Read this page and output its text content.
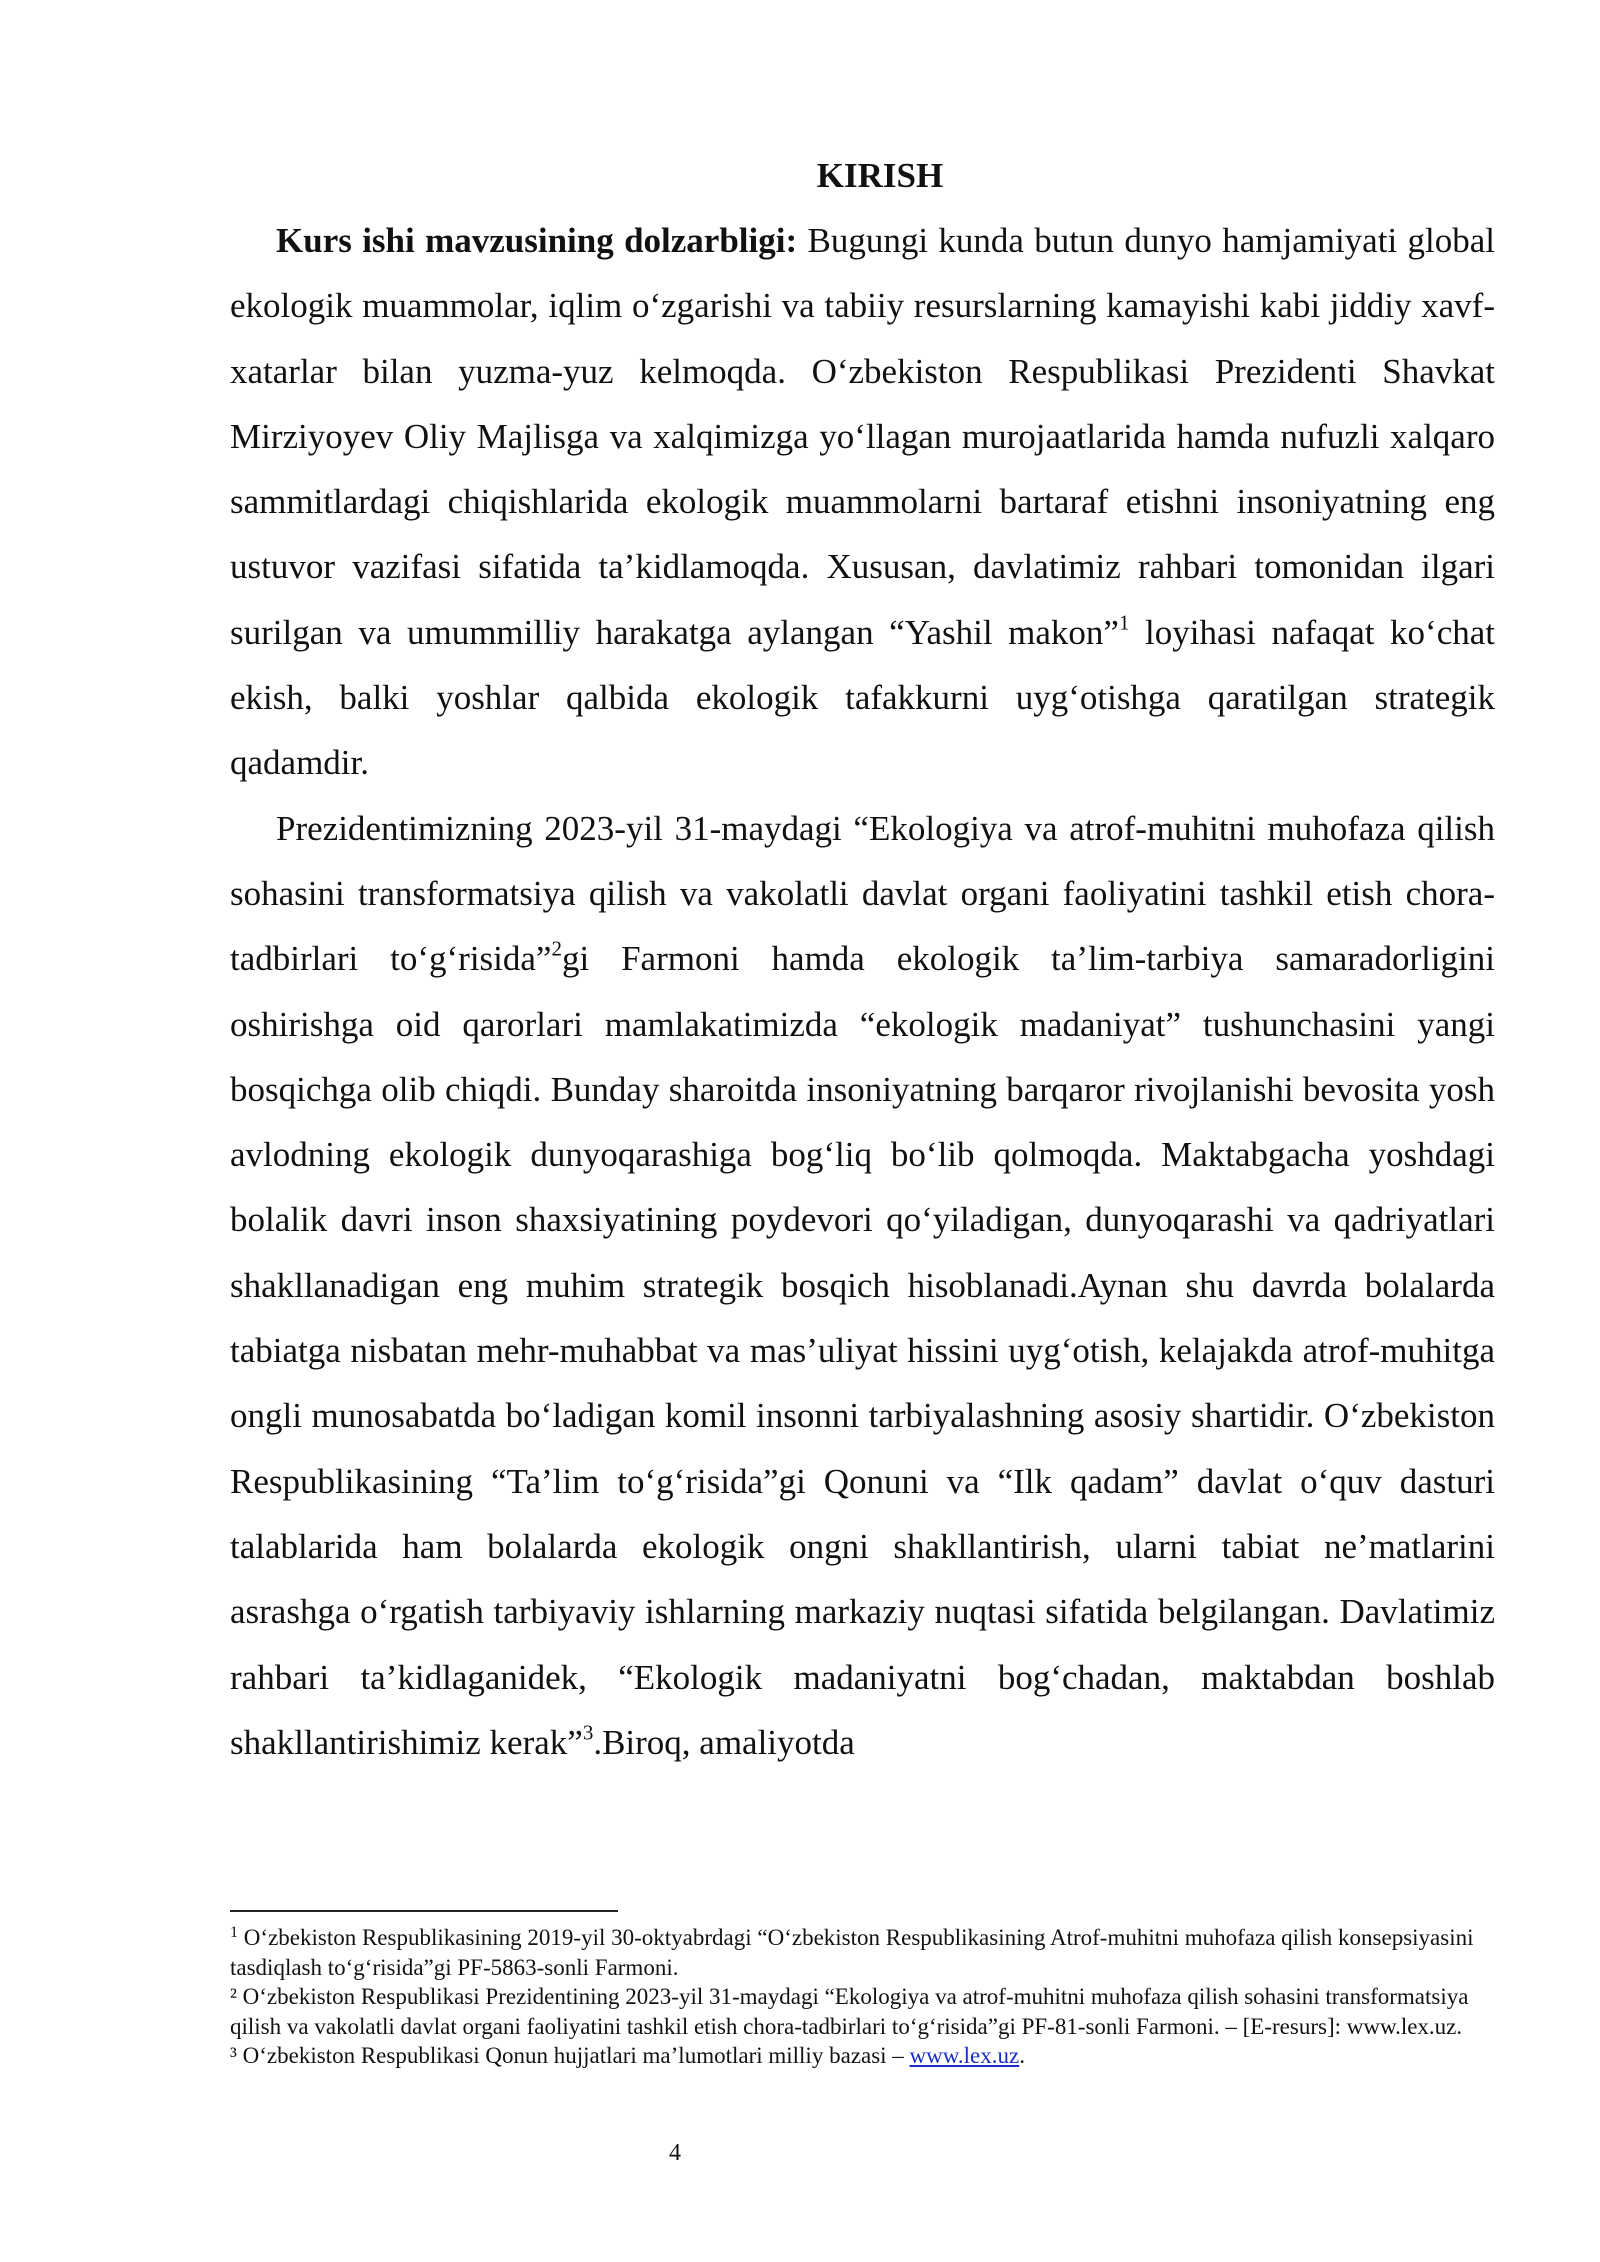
KIRISH

Kurs ishi mavzusining dolzarbligi: Bugungi kunda butun dunyo hamjamiyati global ekologik muammolar, iqlim o‘zgarishi va tabiiy resurslarning kamayishi kabi jiddiy xavf-xatarlar bilan yuzma-yuz kelmoqda. O‘zbekiston Respublikasi Prezidenti Shavkat Mirziyoyev Oliy Majlisga va xalqimizga yo‘llagan murojaatlarida hamda nufuzli xalqaro sammitlardagi chiqishlarida ekologik muammolarni bartaraf etishni insoniyatning eng ustuvor vazifasi sifatida ta’kidlamoqda. Xususan, davlatimiz rahbari tomonidan ilgari surilgan va umummilliy harakatga aylangan “Yashil makon”$^1$ loyihasi nafaqat ko‘chat ekish, balki yoshlar qalbida ekologik tafakkurni uyg‘otishga qaratilgan strategik qadamdir.

Prezidentimizning 2023-yil 31-maydagi “Ekologiya va atrof-muhitni muhofaza qilish sohasini transformatsiya qilish va vakolatli davlat organi faoliyatini tashkil etish chora-tadbirlari to‘g‘risida”$^2$gi Farmoni hamda ekologik ta’lim-tarbiya samaradorligini oshirishga oid qarorlari mamlakatimizda “ekologik madaniyat” tushunchasini yangi bosqichga olib chiqdi. Bunday sharoitda insoniyatning barqaror rivojlanishi bevosita yosh avlodning ekologik dunyoqarashiga bog‘liq bo‘lib qolmoqda. Maktabgacha yoshdagi bolalik davri inson shaxsiyatining poydevori qo‘yiladigan, dunyoqarashi va qadriyatlari shakllanadigan eng muhim strategik bosqich hisoblanadi.Aynan shu davrda bolalarda tabiatga nisbatan mehr-muhabbat va mas’uliyat hissini uyg‘otish, kelajakda atrof-muhitga ongli munosabatda bo‘ladigan komil insonni tarbiyalashning asosiy shartidir. O‘zbekiston Respublikasining “Ta’lim to‘g‘risida”gi Qonuni va “Ilk qadam” davlat o‘quv dasturi talablarida ham bolalarda ekologik ongni shakllantirish, ularni tabiat ne’matlarini asrashga o‘rgatish tarbiyaviy ishlarning markaziy nuqtasi sifatida belgilangan. Davlatimiz rahbari ta’kidlaganidek, “Ekologik madaniyatni bog‘chadan, maktabdan boshlab shakllantirishimiz kerak”$^3$.Biroq, amaliyotda

$^1$ O‘zbekiston Respublikasining 2019-yil 30-oktyabrdagi “O‘zbekiston Respublikasining Atrof-muhitni muhofaza qilish konsepsiyasini tasdiqlash to‘g‘risida”gi PF-5863-sonli Farmoni.

² O‘zbekiston Respublikasi Prezidentining 2023-yil 31-maydagi “Ekologiya va atrof-muhitni muhofaza qilish sohasini transformatsiya qilish va vakolatli davlat organi faoliyatini tashkil etish chora-tadbirlari to‘g‘risida”gi PF-81-sonli Farmoni. – [E-resurs]: www.lex.uz.

³ O‘zbekiston Respublikasi Qonun hujjatlari ma’lumotlari milliy bazasi – www.lex.uz.

4
